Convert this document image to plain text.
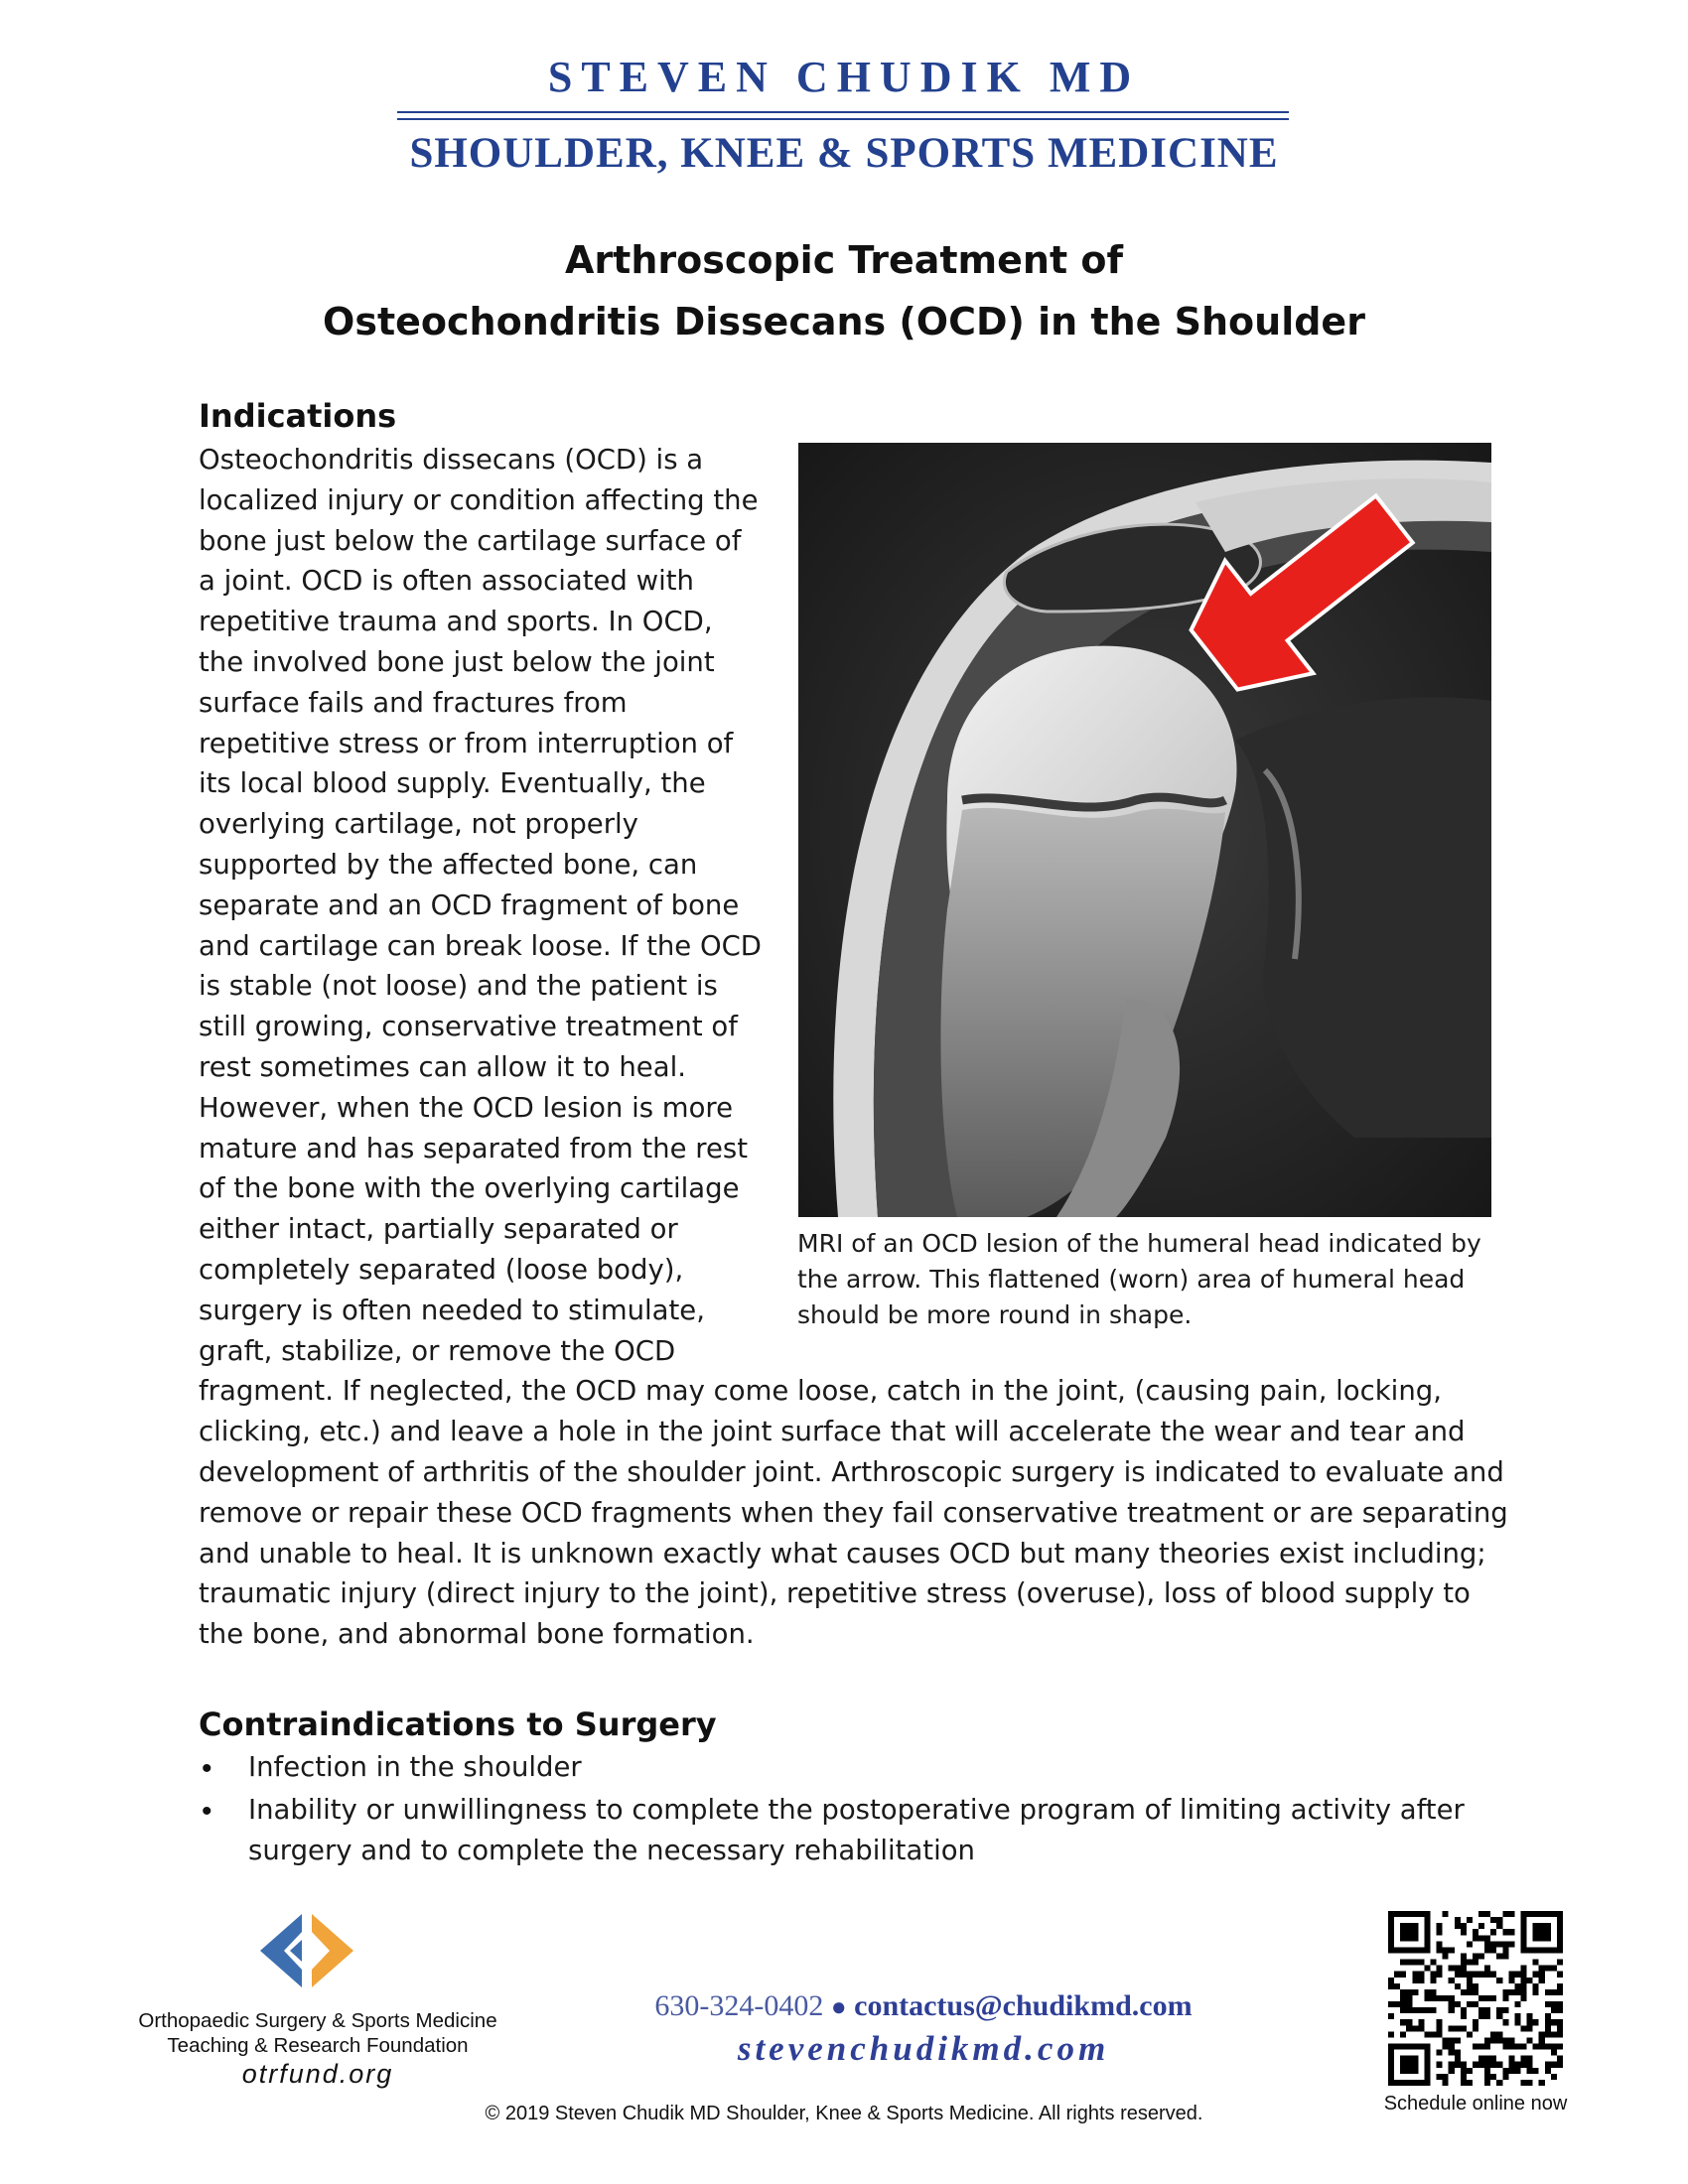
STEVEN CHUDIK MD
SHOULDER, KNEE & SPORTS MEDICINE
Arthroscopic Treatment of
Osteochondritis Dissecans (OCD) in the Shoulder
Indications
Osteochondritis dissecans (OCD) is a
localized injury or condition affecting the
bone just below the cartilage surface of
a joint. OCD is often associated with
repetitive trauma and sports. In OCD,
the involved bone just below the joint
surface fails and fractures from
repetitive stress or from interruption of
its local blood supply. Eventually, the
overlying cartilage, not properly
supported by the affected bone, can
separate and an OCD fragment of bone
and cartilage can break loose. If the OCD
is stable (not loose) and the patient is
still growing, conservative treatment of
rest sometimes can allow it to heal.
However, when the OCD lesion is more
mature and has separated from the rest
of the bone with the overlying cartilage
either intact, partially separated or
completely separated (loose body),
surgery is often needed to stimulate,
graft, stabilize, or remove the OCD
fragment. If neglected, the OCD may come loose, catch in the joint, (causing pain, locking,
clicking, etc.) and leave a hole in the joint surface that will accelerate the wear and tear and
development of arthritis of the shoulder joint. Arthroscopic surgery is indicated to evaluate and
remove or repair these OCD fragments when they fail conservative treatment or are separating
and unable to heal. It is unknown exactly what causes OCD but many theories exist including;
traumatic injury (direct injury to the joint), repetitive stress (overuse), loss of blood supply to
the bone, and abnormal bone formation.
MRI of an OCD lesion of the humeral head indicated by
the arrow. This flattened (worn) area of humeral head
should be more round in shape.
Contraindications to Surgery
• Infection in the shoulder
• Inability or unwillingness to complete the postoperative program of limiting activity after
surgery and to complete the necessary rehabilitation
Orthopaedic Surgery & Sports Medicine
Teaching & Research Foundation
otrfund.org
630-324-0402 ● contactus@chudikmd.com
stevenchudikmd.com
© 2019 Steven Chudik MD Shoulder, Knee & Sports Medicine. All rights reserved.	Schedule online now
